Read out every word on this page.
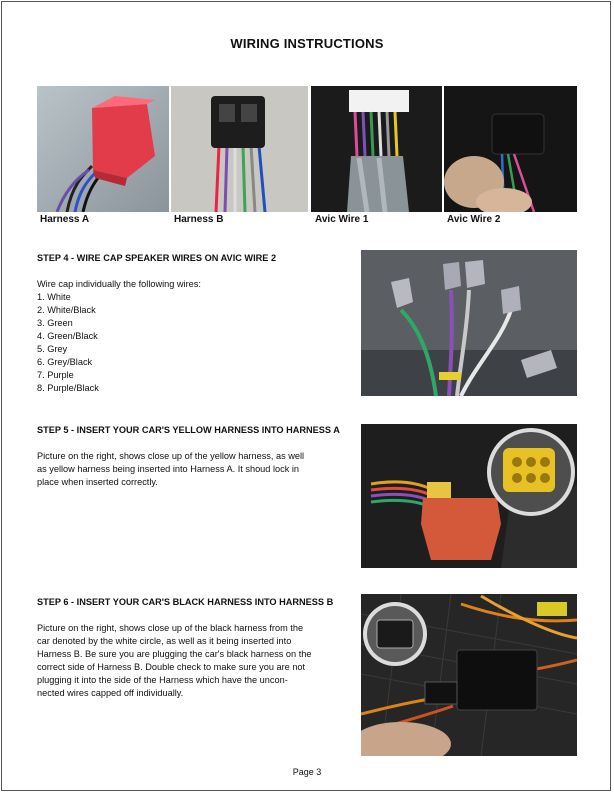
WIRING INSTRUCTIONS
Harness A	Harness B	Avic Wire 1	Avic Wire 2
STEP 4 - WIRE CAP SPEAKER WIRES ON AVIC WIRE 2
Wire cap individually the following wires:
1. White
2. White/Black
3. Green
4. Green/Black
5. Grey
6. Grey/Black
7. Purple
8. Purple/Black
STEP 5 - INSERT YOUR CAR'S YELLOW HARNESS INTO HARNESS A
Picture on the right, shows close up of the yellow harness, as well
as yellow harness being inserted into Harness A. It shoud lock in
place when inserted correctly.
STEP 6 - INSERT YOUR CAR'S BLACK HARNESS INTO HARNESS B
Picture on the right, shows close up of the black harness from the
car denoted by the white circle, as well as it being inserted into
Harness B. Be sure you are plugging the car's black harness on the
correct side of Harness B. Double check to make sure you are not
plugging it into the side of the Harness which have the uncon-
nected wires capped off individually.
Page 3
